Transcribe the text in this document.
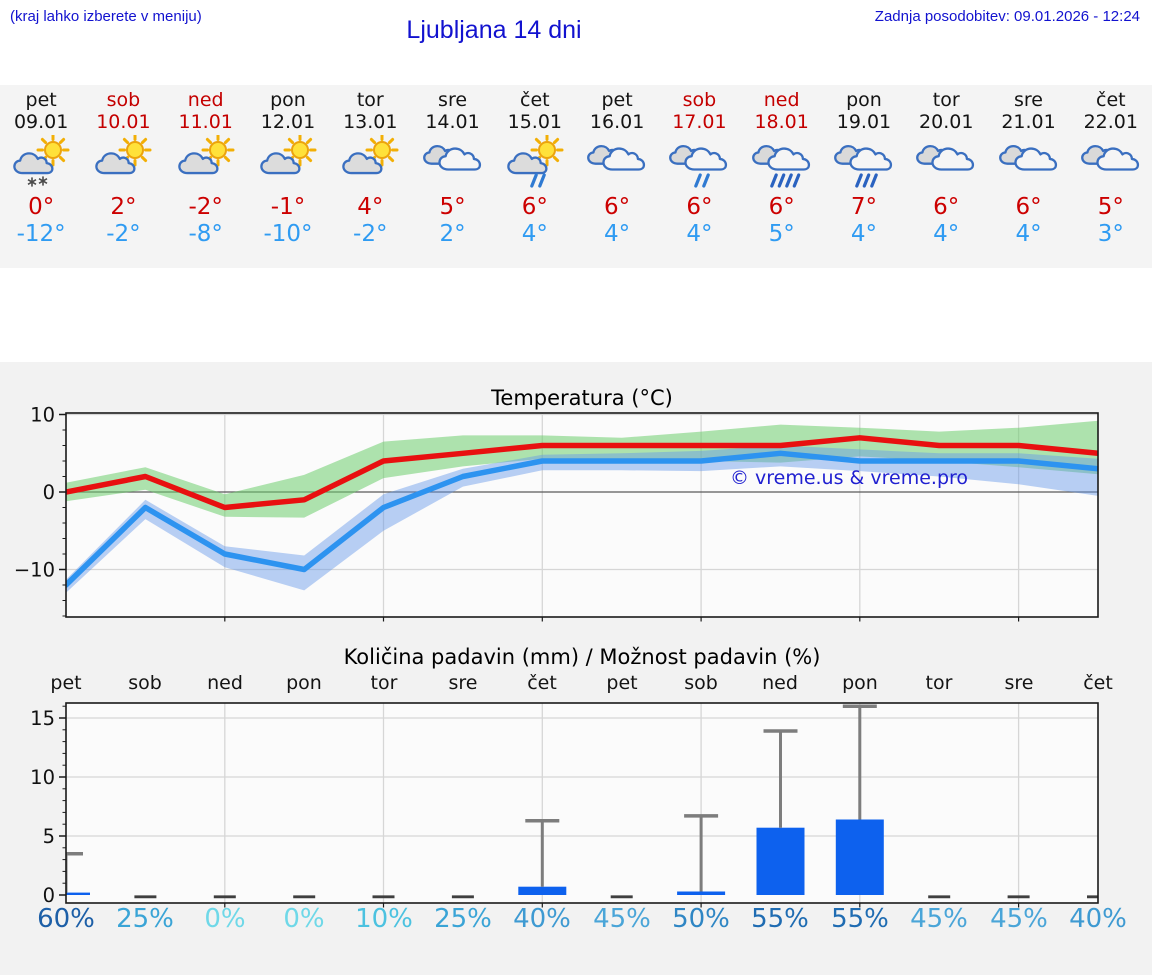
(kraj lahko izberete v meniju)	Ljubljana 14 dni	Zadnja posodobitev: 09.01.2026 - 12:24
pet
09.01
0°
-12°
sob
10.01
2°
-2°
ned
11.01
-2°
-8°
pon
12.01
-1°
-10°
tor
13.01
4°
-2°
sre
14.01
5°
2°
čet
15.01
6°
4°
pet
16.01
6°
4°
sob
17.01
6°
4°
ned
18.01
6°
5°
pon
19.01
7°
4°
tor
20.01
6°
4°
sre
21.01
6°
4°
čet
22.01
5°
3°
Temperatura (°C)
10
0
−10
© vreme.us & vreme.pro
Količina padavin (mm) / Možnost padavin (%)
pet	sob	ned	pon	tor	sre	čet	pet	sob	ned	pon	tor	sre	čet
0
5
10
15
60% 25%	0%	0%	10% 25% 40% 45% 50% 55% 55% 45% 45% 40%
